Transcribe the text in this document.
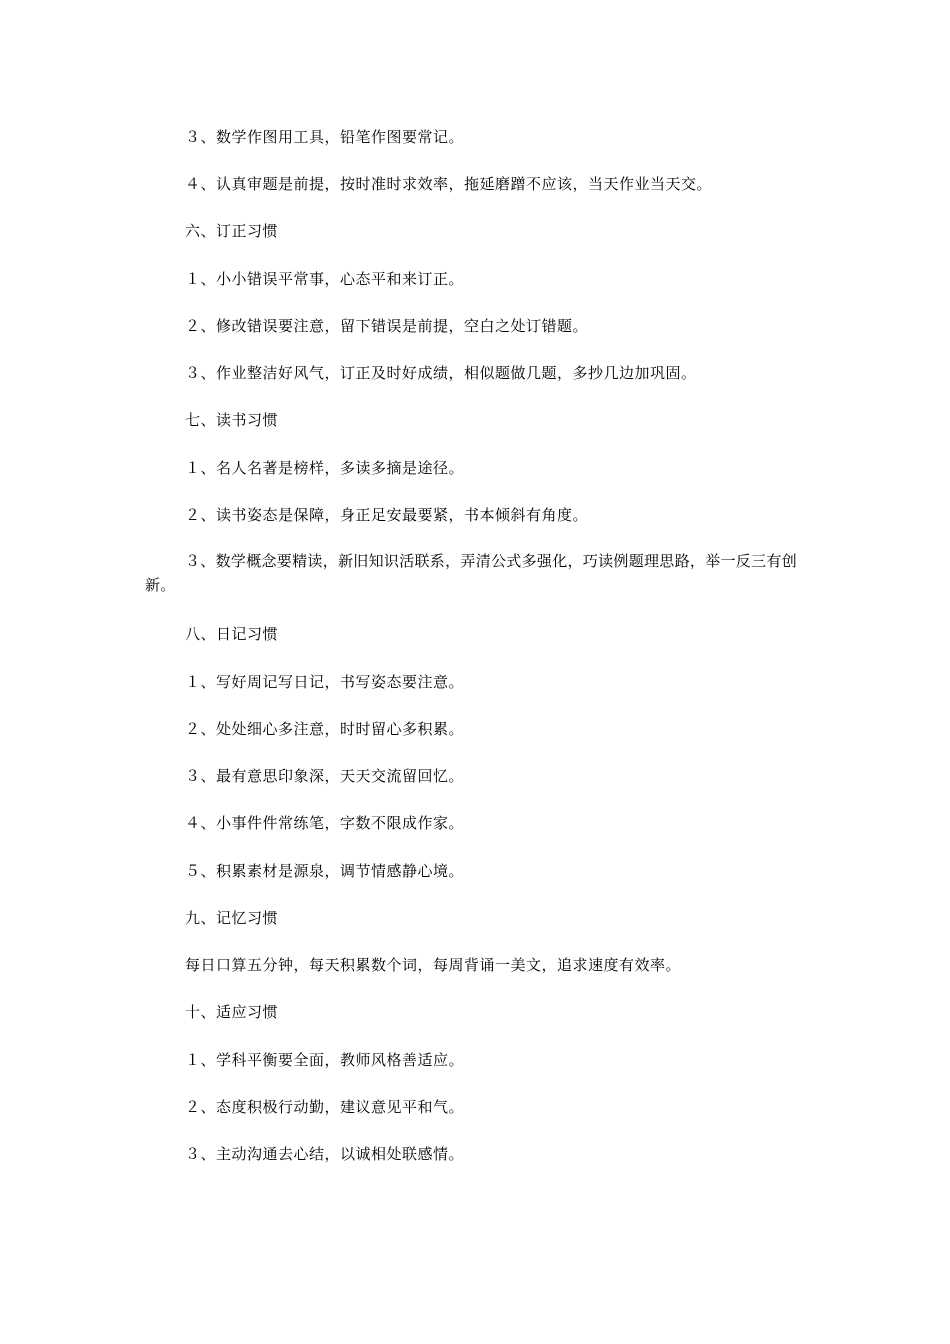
３、数学作图用工具，铅笔作图要常记。
４、认真审题是前提，按时准时求效率，拖延磨蹭不应该，当天作业当天交。
六、订正习惯
１、小小错误平常事，心态平和来订正。
２、修改错误要注意，留下错误是前提，空白之处订错题。
３、作业整洁好风气，订正及时好成绩，相似题做几题，多抄几边加巩固。
七、读书习惯
１、名人名著是榜样，多读多摘是途径。
２、读书姿态是保障，身正足安最要紧，书本倾斜有角度。
３、数学概念要精读，新旧知识活联系，弄清公式多强化，巧读例题理思路，举一反三有创新。
八、日记习惯
１、写好周记写日记，书写姿态要注意。
２、处处细心多注意，时时留心多积累。
３、最有意思印象深，天天交流留回忆。
４、小事件件常练笔，字数不限成作家。
５、积累素材是源泉，调节情感静心境。
九、记忆习惯
每日口算五分钟，每天积累数个词，每周背诵一美文，追求速度有效率。
十、适应习惯
１、学科平衡要全面，教师风格善适应。
２、态度积极行动勤，建议意见平和气。
３、主动沟通去心结，以诚相处联感情。
